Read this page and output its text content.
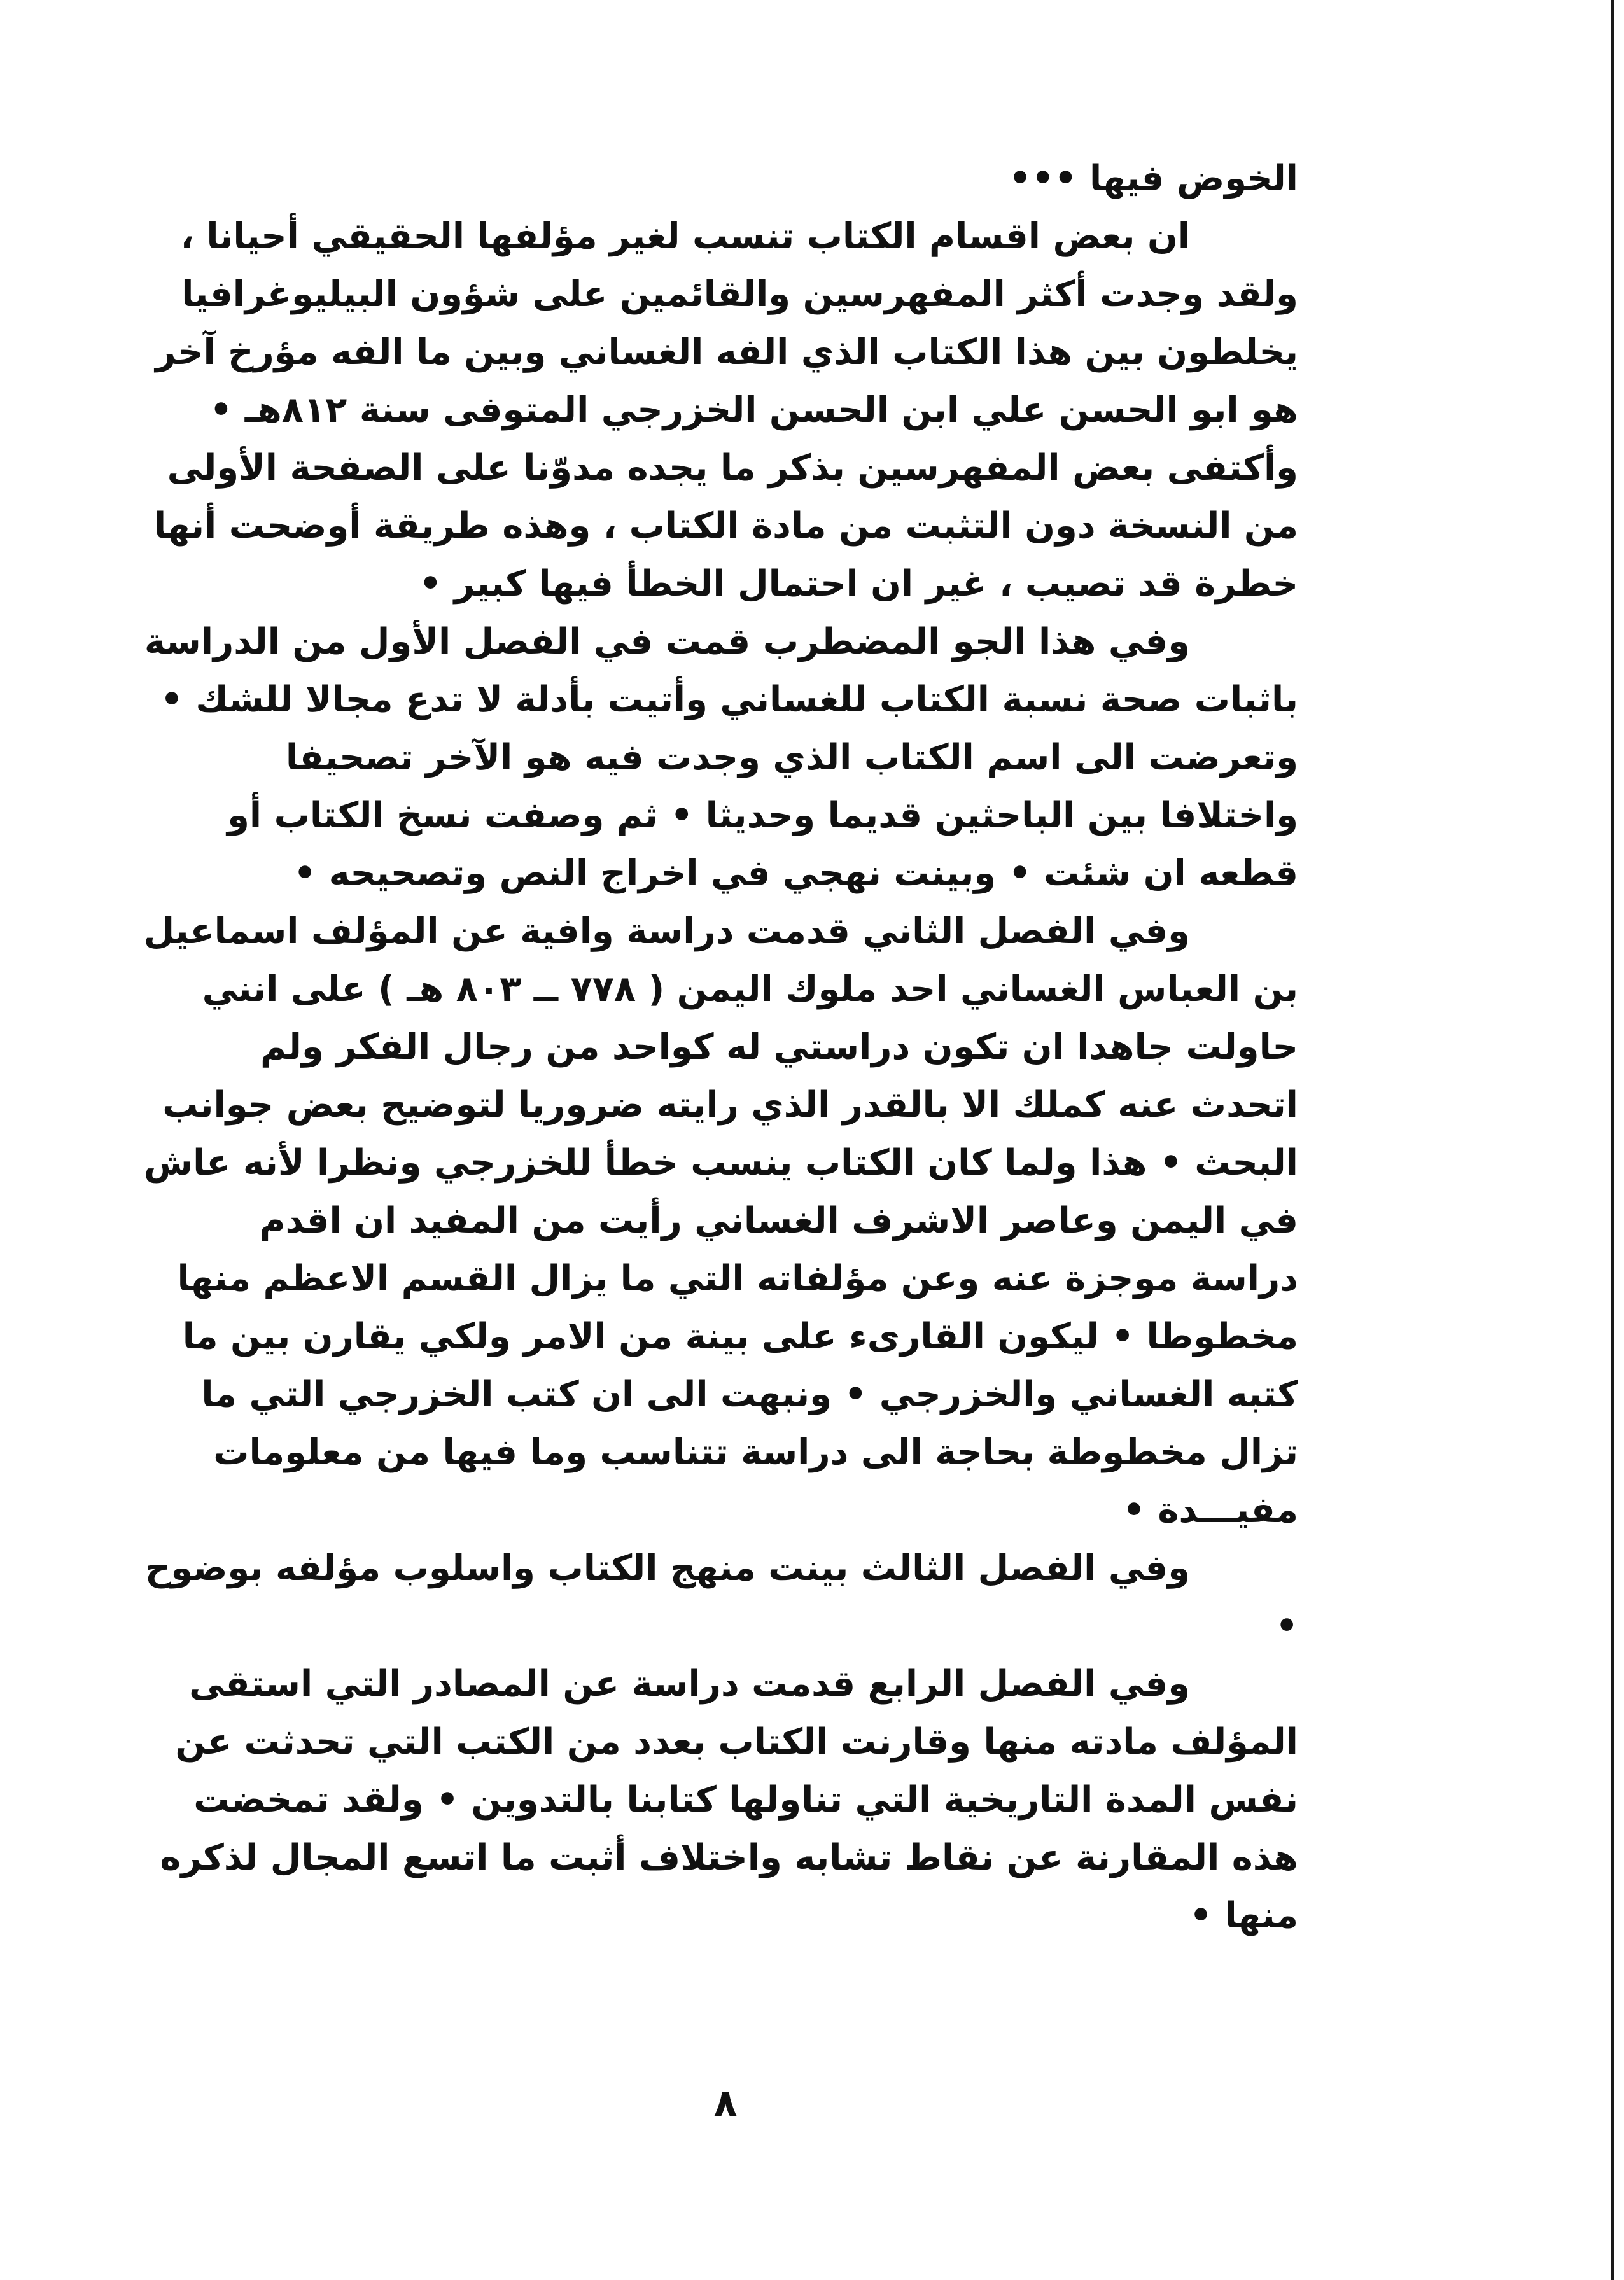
الخوض فيها •••

ان بعض اقسام الكتاب تنسب لغير مؤلفها الحقيقي أحيانا ، ولقد وجدت أكثر المفهرسين والقائمين على شؤون البيليوغرافيا يخلطون بين هذا الكتاب الذي الفه الغساني وبين ما الفه مؤرخ آخر هو ابو الحسن علي ابن الحسن الخزرجي المتوفى سنة ٨١٢هـ • وأكتفى بعض المفهرسين بذكر ما يجده مدوّنا على الصفحة الأولى من النسخة دون التثبت من مادة الكتاب ، وهذه طريقة أوضحت أنها خطرة قد تصيب ، غير ان احتمال الخطأ فيها كبير •

وفي هذا الجو المضطرب قمت في الفصل الأول من الدراسة باثبات صحة نسبة الكتاب للغساني وأتيت بأدلة لا تدع مجالا للشك • وتعرضت الى اسم الكتاب الذي وجدت فيه هو الآخر تصحيفا واختلافا بين الباحثين قديما وحديثا • ثم وصفت نسخ الكتاب أو قطعه ان شئت • وبينت نهجي في اخراج النص وتصحيحه •

وفي الفصل الثاني قدمت دراسة وافية عن المؤلف اسماعيل بن العباس الغساني احد ملوك اليمن ( ٧٧٨ ــ ٨٠٣ هـ ) على انني حاولت جاهدا ان تكون دراستي له كواحد من رجال الفكر ولم اتحدث عنه كملك الا بالقدر الذي رايته ضروريا لتوضيح بعض جوانب البحث • هذا ولما كان الكتاب ينسب خطأ للخزرجي ونظرا لأنه عاش في اليمن وعاصر الاشرف الغساني رأيت من المفيد ان اقدم دراسة موجزة عنه وعن مؤلفاته التي ما يزال القسم الاعظم منها مخطوطا • ليكون القارىء على بينة من الامر ولكي يقارن بين ما كتبه الغساني والخزرجي • ونبهت الى ان كتب الخزرجي التي ما تزال مخطوطة بحاجة الى دراسة تتناسب وما فيها من معلومات مفيـــدة •

وفي الفصل الثالث بينت منهج الكتاب واسلوب مؤلفه بوضوح •

وفي الفصل الرابع قدمت دراسة عن المصادر التي استقى المؤلف مادته منها وقارنت الكتاب بعدد من الكتب التي تحدثت عن نفس المدة التاريخية التي تناولها كتابنا بالتدوين • ولقد تمخضت هذه المقارنة عن نقاط تشابه واختلاف أثبت ما اتسع المجال لذكره منها •

٨
